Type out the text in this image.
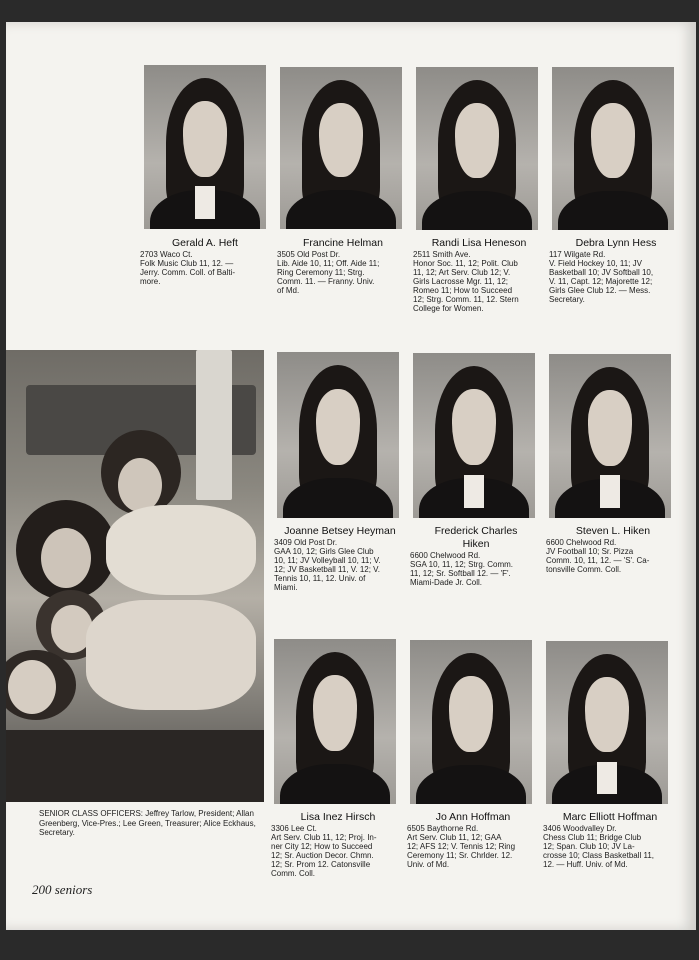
Gerald A. Heft
2703 Waco Ct.
Folk Music Club 11, 12. —
Jerry. Comm. Coll. of Balti-
more.
Francine Helman
3505 Old Post Dr.
Lib. Aide 10, 11; Off. Aide 11;
Ring Ceremony 11; Strg.
Comm. 11. — Franny. Univ.
of Md.
Randi Lisa Heneson
2511 Smith Ave.
Honor Soc. 11, 12; Polit. Club
11, 12; Art Serv. Club 12; V.
Girls Lacrosse Mgr. 11, 12;
Romeo 11; How to Succeed
12; Strg. Comm. 11, 12. Stern
College for Women.
Debra Lynn Hess
117 Wilgate Rd.
V. Field Hockey 10, 11; JV
Basketball 10; JV Softball 10,
V. 11, Capt. 12; Majorette 12;
Girls Glee Club 12. — Mess.
Secretary.
Joanne Betsey Heyman
3409 Old Post Dr.
GAA 10, 12; Girls Glee Club
10, 11; JV Volleyball 10, 11; V.
12; JV Basketball 11, V. 12; V.
Tennis 10, 11, 12. Univ. of
Miami.
Frederick Charles
Hiken
6600 Chelwood Rd.
SGA 10, 11, 12; Strg. Comm.
11, 12; Sr. Softball 12. — 'F'.
Miami-Dade Jr. Coll.
Steven L. Hiken
6600 Chelwood Rd.
JV Football 10; Sr. Pizza
Comm. 10, 11, 12. — 'S'. Ca-
tonsville Comm. Coll.
Lisa Inez Hirsch
3306 Lee Ct.
Art Serv. Club 11, 12; Proj. In-
ner City 12; How to Succeed
12; Sr. Auction Decor. Chmn.
12; Sr. Prom 12. Catonsville
Comm. Coll.
Jo Ann Hoffman
6505 Baythorne Rd.
Art Serv. Club 11, 12; GAA
12; AFS 12; V. Tennis 12; Ring
Ceremony 11; Sr. Chrlder. 12.
Univ. of Md.
Marc Elliott Hoffman
3406 Woodvalley Dr.
Chess Club 11; Bridge Club
12; Span. Club 10; JV La-
crosse 10; Class Basketball 11,
12. — Huff. Univ. of Md.
SENIOR CLASS OFFICERS: Jeffrey Tarlow, President; Allan Greenberg, Vice-Pres.; Lee Green, Treasurer; Alice Eckhaus, Secretary.
200 seniors
